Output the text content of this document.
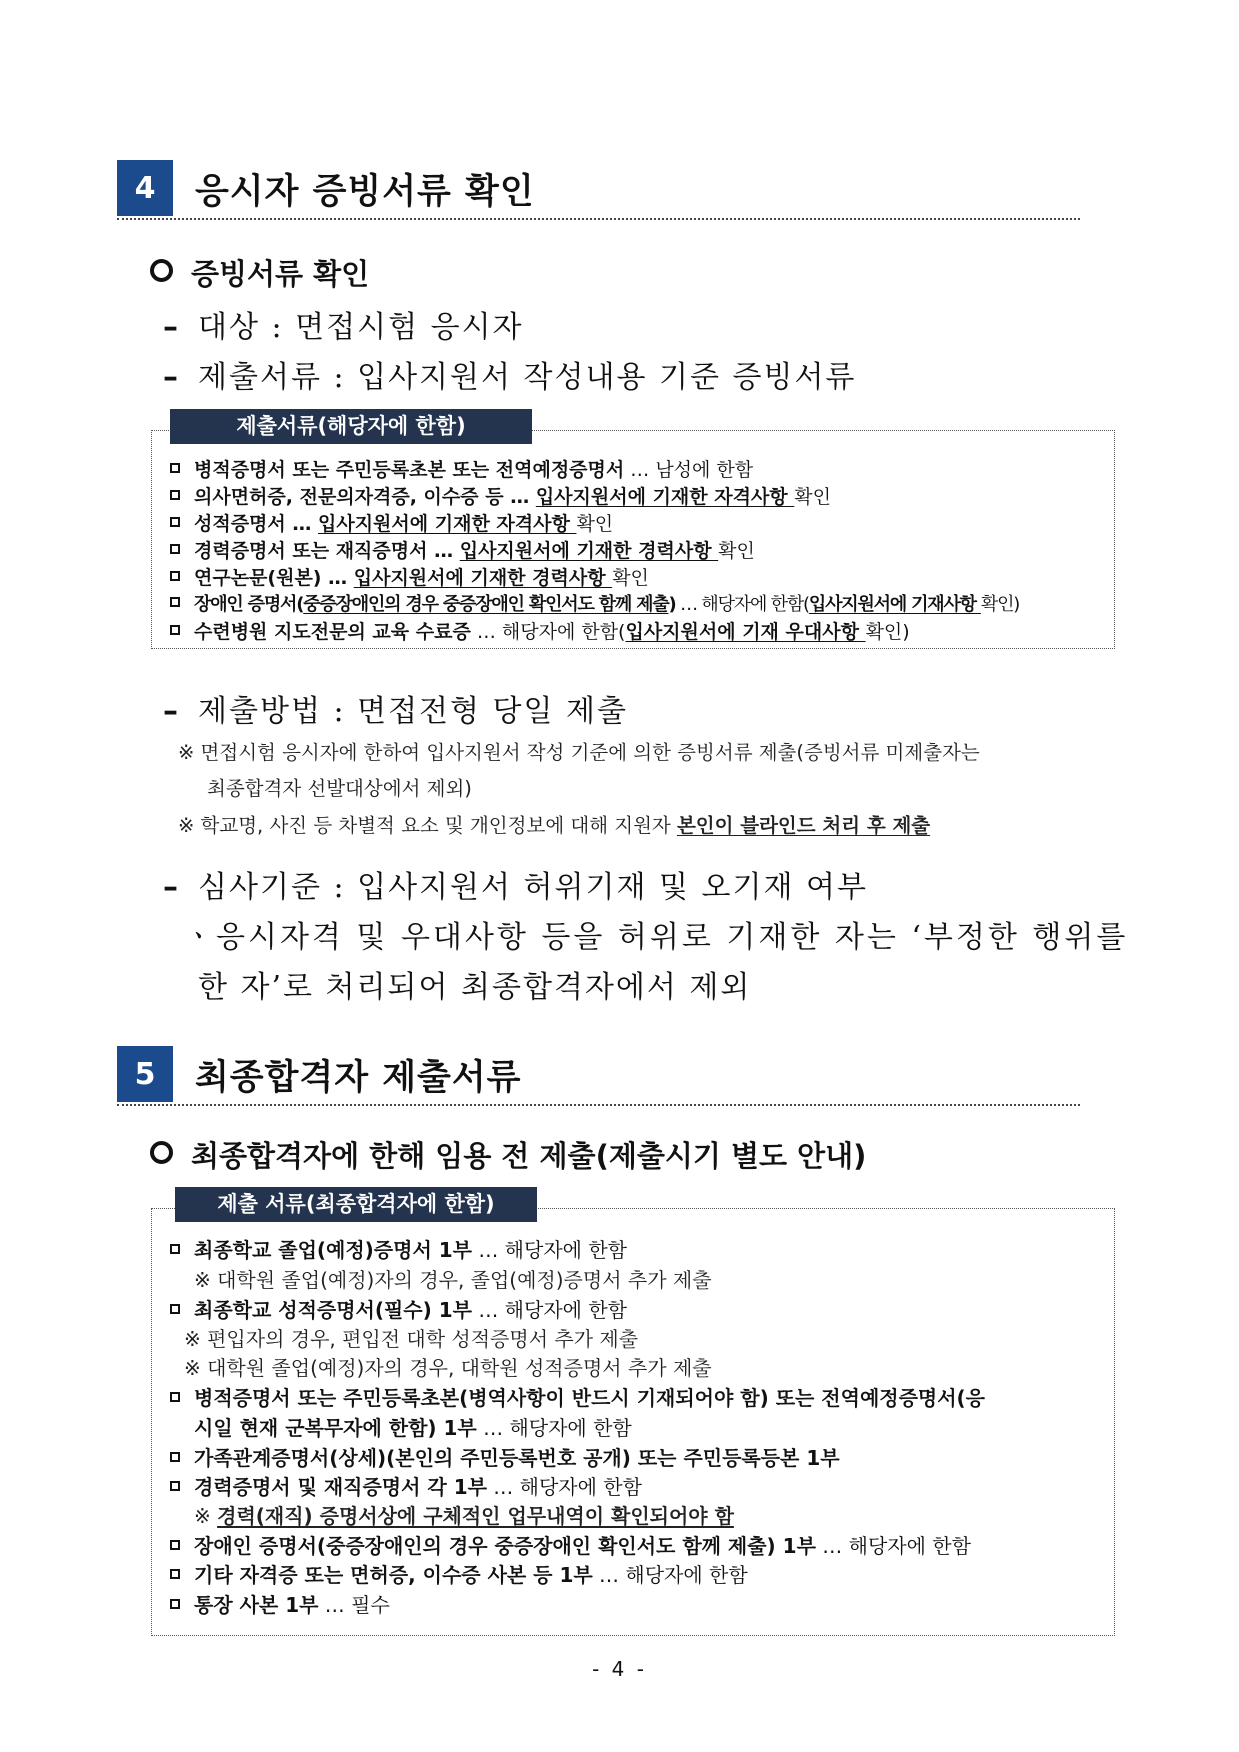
4	응시자 증빙서류 확인
증빙서류 확인
– 대상 : 면접시험 응시자
– 제출서류 : 입사지원서 작성내용 기준 증빙서류
제출서류(해당자에 한함)
병적증명서 또는 주민등록초본 또는 전역예정증명서 … 남성에 한함
의사면허증, 전문의자격증, 이수증 등 … 입사지원서에 기재한 자격사항 확인
성적증명서 … 입사지원서에 기재한 자격사항 확인
경력증명서 또는 재직증명서 … 입사지원서에 기재한 경력사항 확인
연구논문(원본) … 입사지원서에 기재한 경력사항 확인
장애인 증명서(중증장애인의 경우 중증장애인 확인서도 함께 제출) … 해당자에 한함(입사지원서에 기재사항 확인)
수련병원 지도전문의 교육 수료증 … 해당자에 한함(입사지원서에 기재 우대사항 확인)
– 제출방법 : 면접전형 당일 제출
※ 면접시험 응시자에 한하여 입사지원서 작성 기준에 의한 증빙서류 제출(증빙서류 미제출자는
최종합격자 선발대상에서 제외)
※ 학교명, 사진 등 차별적 요소 및 개인정보에 대해 지원자 본인이 블라인드 처리 후 제출
– 심사기준 : 입사지원서 허위기재 및 오기재 여부
ㆍ응시자격 및 우대사항 등을 허위로 기재한 자는 ‘부정한 행위를
한 자’로 처리되어 최종합격자에서 제외
5	최종합격자 제출서류
최종합격자에 한해 임용 전 제출(제출시기 별도 안내)
제출 서류(최종합격자에 한함)
최종학교 졸업(예정)증명서 1부 … 해당자에 한함
※ 대학원 졸업(예정)자의 경우, 졸업(예정)증명서 추가 제출
최종학교 성적증명서(필수) 1부 … 해당자에 한함
※ 편입자의 경우, 편입전 대학 성적증명서 추가 제출
※ 대학원 졸업(예정)자의 경우, 대학원 성적증명서 추가 제출
병적증명서 또는 주민등록초본(병역사항이 반드시 기재되어야 함) 또는 전역예정증명서(응
시일 현재 군복무자에 한함) 1부 … 해당자에 한함
가족관계증명서(상세)(본인의 주민등록번호 공개) 또는 주민등록등본 1부
경력증명서 및 재직증명서 각 1부 … 해당자에 한함
※ 경력(재직) 증명서상에 구체적인 업무내역이 확인되어야 함
장애인 증명서(중증장애인의 경우 중증장애인 확인서도 함께 제출) 1부 … 해당자에 한함
기타 자격증 또는 면허증, 이수증 사본 등 1부 … 해당자에 한함
통장 사본 1부 … 필수
- 4 -
